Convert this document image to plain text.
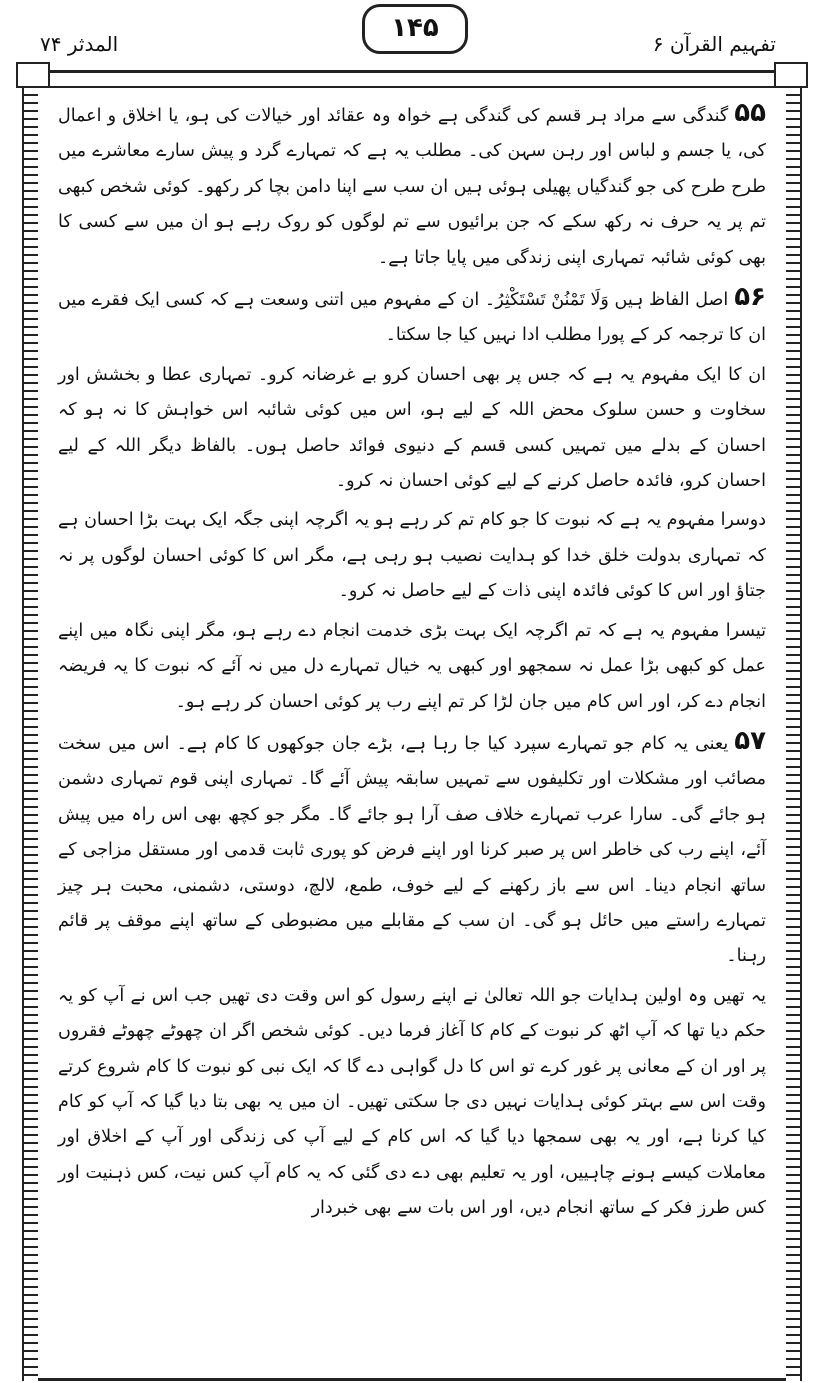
المدثر ۷۴
۱۴۵
تفہیم القرآن ۶

۵۵گندگی سے مراد ہر قسم کی گندگی ہے خواہ وہ عقائد اور خیالات کی ہو، یا اخلاق و اعمال کی، یا جسم و لباس اور رہن سہن کی۔ مطلب یہ ہے کہ تمہارے گرد و پیش سارے معاشرے میں طرح طرح کی جو گندگیاں پھیلی ہوئی ہیں ان سب سے اپنا دامن بچا کر رکھو۔ کوئی شخص کبھی تم پر یہ حرف نہ رکھ سکے کہ جن برائیوں سے تم لوگوں کو روک رہے ہو ان میں سے کسی کا بھی کوئی شائبہ تمہاری اپنی زندگی میں پایا جاتا ہے۔

۵۶اصل الفاظ ہیں وَلَا تَمْنُنْ تَسْتَکْثِرُ۔ ان کے مفہوم میں اتنی وسعت ہے کہ کسی ایک فقرے میں ان کا ترجمہ کر کے پورا مطلب ادا نہیں کیا جا سکتا۔

ان کا ایک مفہوم یہ ہے کہ جس پر بھی احسان کرو بے غرضانہ کرو۔ تمہاری عطا و بخشش اور سخاوت و حسن سلوک محض اللہ کے لیے ہو، اس میں کوئی شائبہ اس خواہش کا نہ ہو کہ احسان کے بدلے میں تمہیں کسی قسم کے دنیوی فوائد حاصل ہوں۔ بالفاظ دیگر اللہ کے لیے احسان کرو، فائدہ حاصل کرنے کے لیے کوئی احسان نہ کرو۔

دوسرا مفہوم یہ ہے کہ نبوت کا جو کام تم کر رہے ہو یہ اگرچہ اپنی جگہ ایک بہت بڑا احسان ہے کہ تمہاری بدولت خلق خدا کو ہدایت نصیب ہو رہی ہے، مگر اس کا کوئی احسان لوگوں پر نہ جتاؤ اور اس کا کوئی فائدہ اپنی ذات کے لیے حاصل نہ کرو۔

تیسرا مفہوم یہ ہے کہ تم اگرچہ ایک بہت بڑی خدمت انجام دے رہے ہو، مگر اپنی نگاہ میں اپنے عمل کو کبھی بڑا عمل نہ سمجھو اور کبھی یہ خیال تمہارے دل میں نہ آئے کہ نبوت کا یہ فریضہ انجام دے کر، اور اس کام میں جان لڑا کر تم اپنے رب پر کوئی احسان کر رہے ہو۔

۵۷یعنی یہ کام جو تمہارے سپرد کیا جا رہا ہے، بڑے جان جوکھوں کا کام ہے۔ اس میں سخت مصائب اور مشکلات اور تکلیفوں سے تمہیں سابقہ پیش آئے گا۔ تمہاری اپنی قوم تمہاری دشمن ہو جائے گی۔ سارا عرب تمہارے خلاف صف آرا ہو جائے گا۔ مگر جو کچھ بھی اس راہ میں پیش آئے، اپنے رب کی خاطر اس پر صبر کرنا اور اپنے فرض کو پوری ثابت قدمی اور مستقل مزاجی کے ساتھ انجام دینا۔ اس سے باز رکھنے کے لیے خوف، طمع، لالچ، دوستی، دشمنی، محبت ہر چیز تمہارے راستے میں حائل ہو گی۔ ان سب کے مقابلے میں مضبوطی کے ساتھ اپنے موقف پر قائم رہنا۔

یہ تھیں وہ اولین ہدایات جو اللہ تعالیٰ نے اپنے رسول کو اس وقت دی تھیں جب اس نے آپ کو یہ حکم دیا تھا کہ آپ اٹھ کر نبوت کے کام کا آغاز فرما دیں۔ کوئی شخص اگر ان چھوٹے چھوٹے فقروں پر اور ان کے معانی پر غور کرے تو اس کا دل گواہی دے گا کہ ایک نبی کو نبوت کا کام شروع کرتے وقت اس سے بہتر کوئی ہدایات نہیں دی جا سکتی تھیں۔ ان میں یہ بھی بتا دیا گیا کہ آپ کو کام کیا کرنا ہے، اور یہ بھی سمجھا دیا گیا کہ اس کام کے لیے آپ کی زندگی اور آپ کے اخلاق اور معاملات کیسے ہونے چاہییں، اور یہ تعلیم بھی دے دی گئی کہ یہ کام آپ کس نیت، کس ذہنیت اور کس طرز فکر کے ساتھ انجام دیں، اور اس بات سے بھی خبردار
